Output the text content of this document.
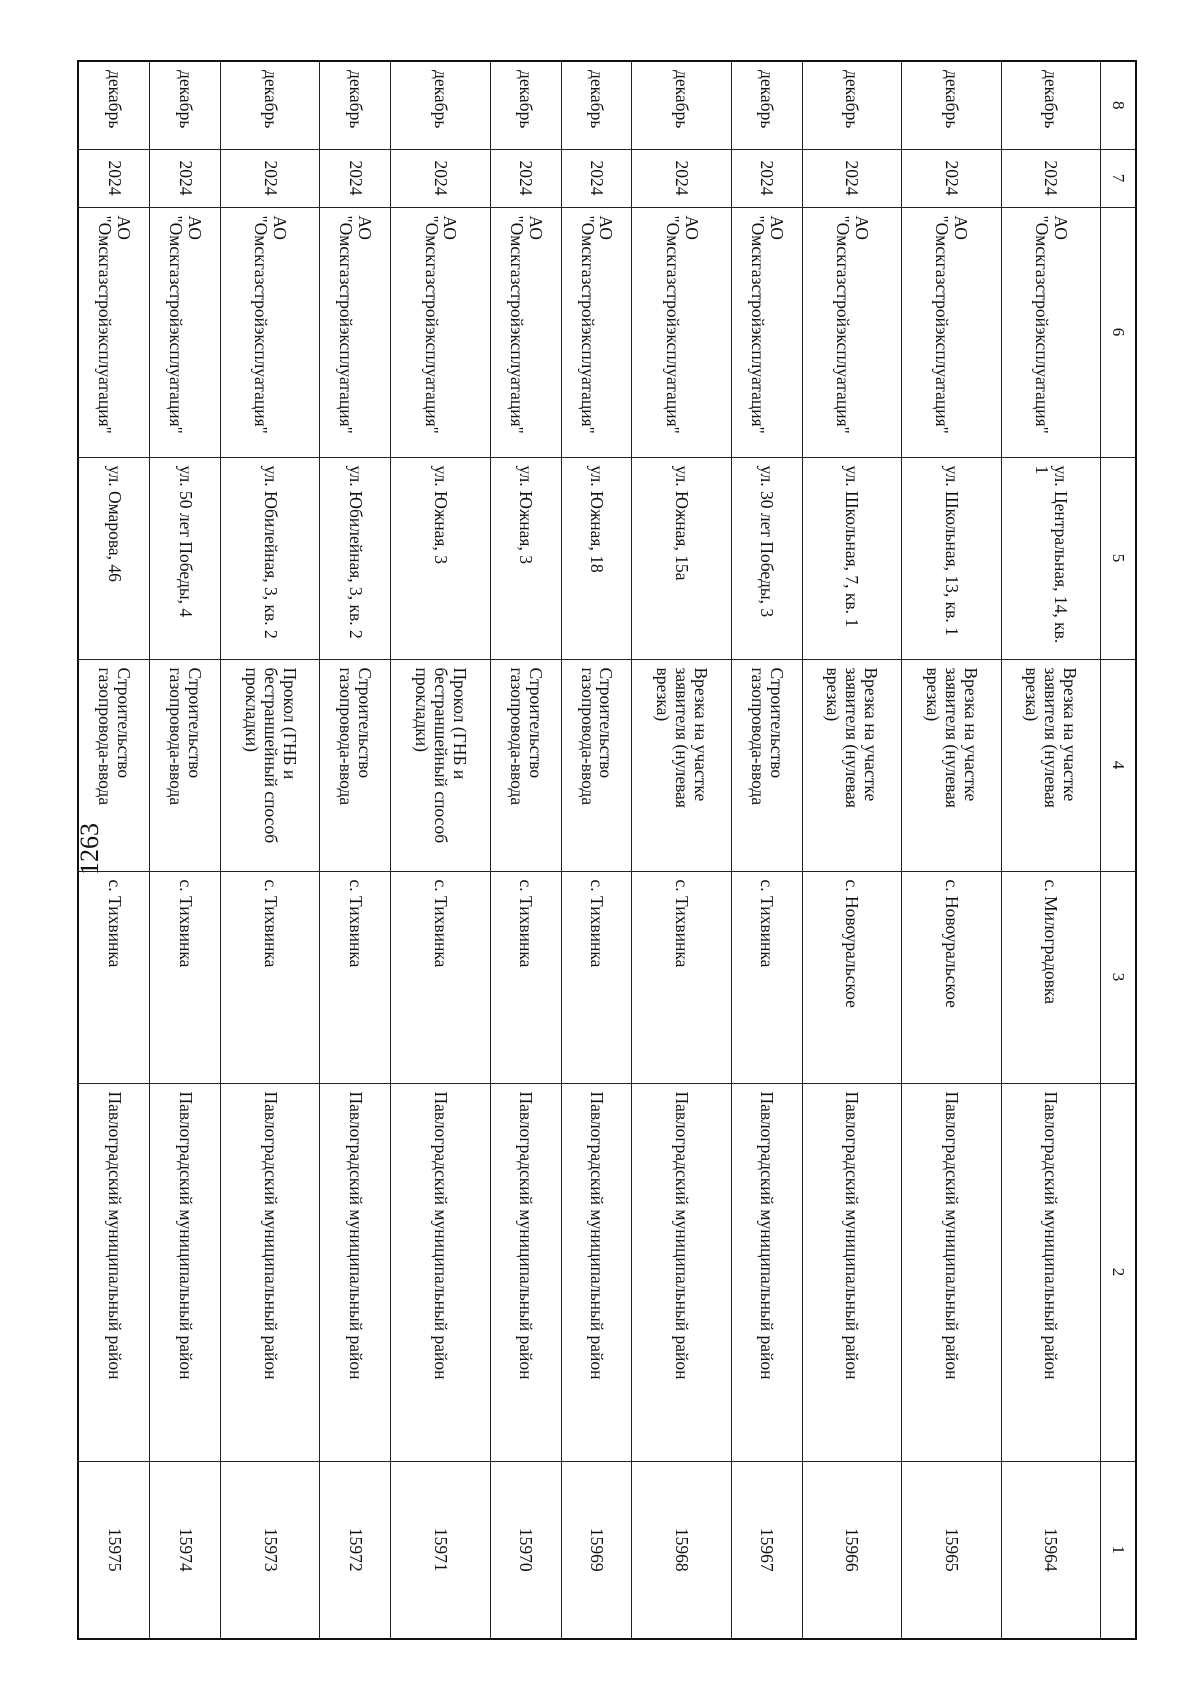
1263
8	7	6	5	4	3	2	1
декабрь	2024	АО "Омскгазстройэксплуатация"	ул. Центральная, 14, кв. 1	Врезка на участке заявителя (нулевая врезка)	с. Милоградовка	Павлоградский муниципальный район	15964
декабрь	2024	АО "Омскгазстройэксплуатация"	ул. Школьная, 13, кв. 1	Врезка на участке заявителя (нулевая врезка)	с. Новоуральское	Павлоградский муниципальный район	15965
декабрь	2024	АО "Омскгазстройэксплуатация"	ул. Школьная, 7, кв. 1	Врезка на участке заявителя (нулевая врезка)	с. Новоуральское	Павлоградский муниципальный район	15966
декабрь	2024	АО "Омскгазстройэксплуатация"	ул. 30 лет Победы, 3	Строительство газопровода-ввода	с. Тихвинка	Павлоградский муниципальный район	15967
декабрь	2024	АО "Омскгазстройэксплуатация"	ул. Южная, 15а	Врезка на участке заявителя (нулевая врезка)	с. Тихвинка	Павлоградский муниципальный район	15968
декабрь	2024	АО "Омскгазстройэксплуатация"	ул. Южная, 18	Строительство газопровода-ввода	с. Тихвинка	Павлоградский муниципальный район	15969
декабрь	2024	АО "Омскгазстройэксплуатация"	ул. Южная, 3	Строительство газопровода-ввода	с. Тихвинка	Павлоградский муниципальный район	15970
декабрь	2024	АО "Омскгазстройэксплуатация"	ул. Южная, 3	Прокол (ГНБ и бестраншейный способ прокладки)	с. Тихвинка	Павлоградский муниципальный район	15971
декабрь	2024	АО "Омскгазстройэксплуатация"	ул. Юбилейная, 3, кв. 2	Строительство газопровода-ввода	с. Тихвинка	Павлоградский муниципальный район	15972
декабрь	2024	АО "Омскгазстройэксплуатация"	ул. Юбилейная, 3, кв. 2	Прокол (ГНБ и бестраншейный способ прокладки)	с. Тихвинка	Павлоградский муниципальный район	15973
декабрь	2024	АО "Омскгазстройэксплуатация"	ул. 50 лет Победы, 4	Строительство газопровода-ввода	с. Тихвинка	Павлоградский муниципальный район	15974
декабрь	2024	АО "Омскгазстройэксплуатация"	ул. Омарова, 46	Строительство газопровода-ввода	с. Тихвинка	Павлоградский муниципальный район	15975
